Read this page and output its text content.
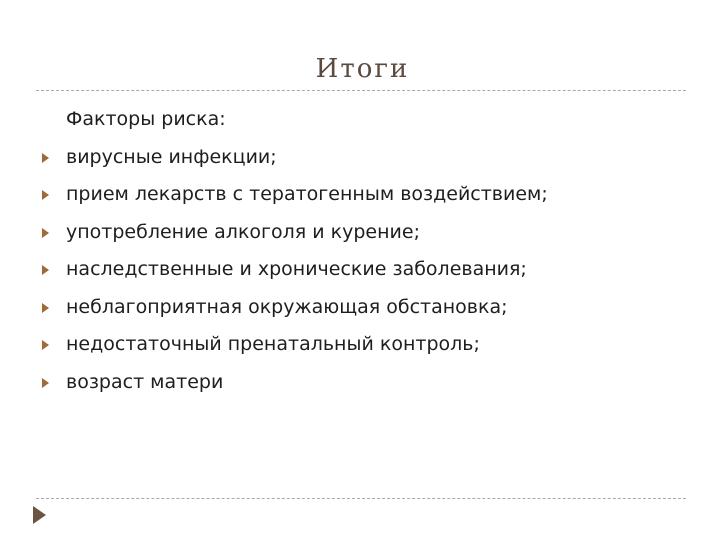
Итоги
Факторы риска:
вирусные инфекции;
прием лекарств с тератогенным воздействием;
употребление алкоголя и курение;
наследственные и хронические заболевания;
неблагоприятная окружающая обстановка;
недостаточный пренатальный контроль;
возраст матери
